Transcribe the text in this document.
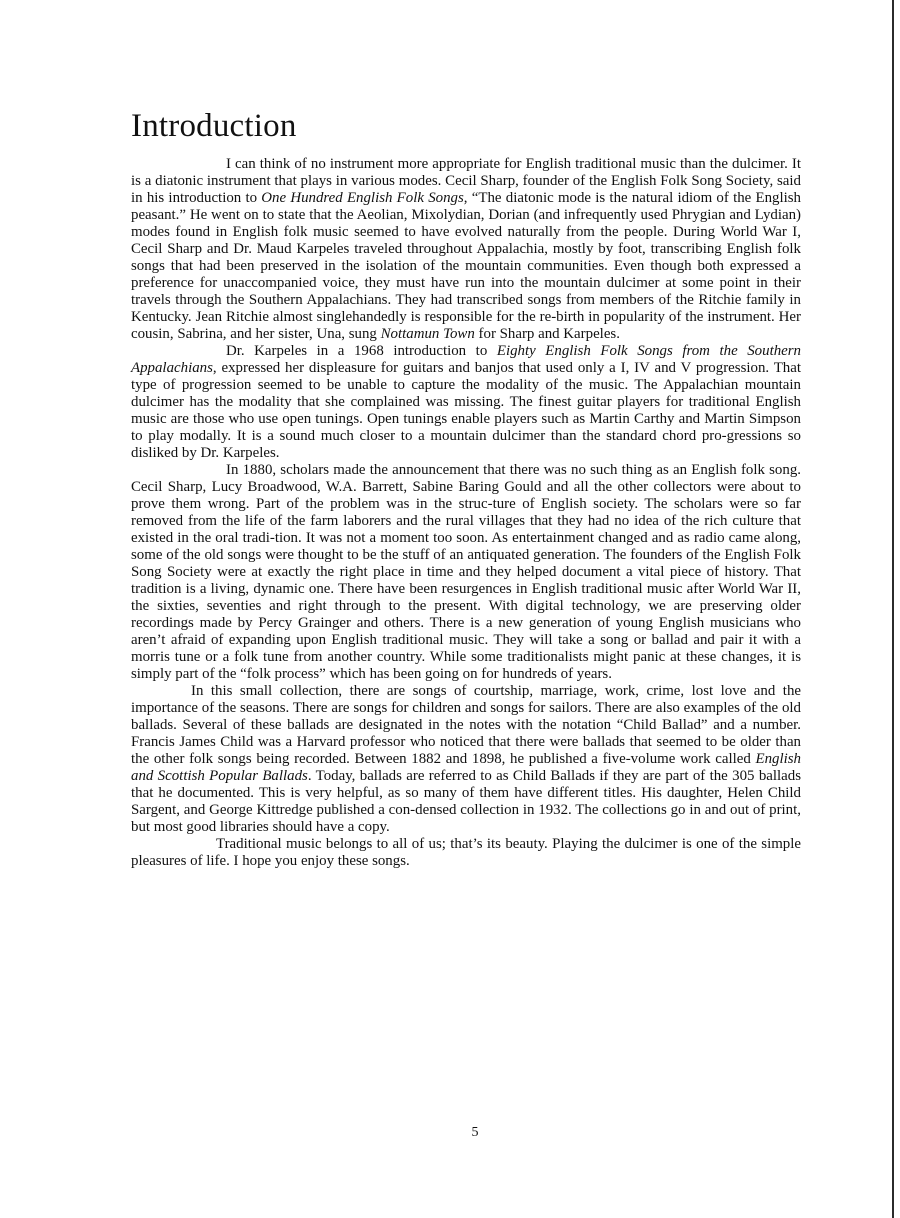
Introduction

I can think of no instrument more appropriate for English traditional music than the dulcimer. It is a diatonic instrument that plays in various modes. Cecil Sharp, founder of the English Folk Song Society, said in his introduction to One Hundred English Folk Songs, “The diatonic mode is the natural idiom of the English peasant.” He went on to state that the Aeolian, Mixolydian, Dorian (and infrequently used Phrygian and Lydian) modes found in English folk music seemed to have evolved naturally from the people. During World War I, Cecil Sharp and Dr. Maud Karpeles traveled throughout Appalachia, mostly by foot, transcribing English folk songs that had been preserved in the isolation of the mountain communities. Even though both expressed a preference for unaccompanied voice, they must have run into the mountain dulcimer at some point in their travels through the Southern Appalachians. They had transcribed songs from members of the Ritchie family in Kentucky. Jean Ritchie almost singlehandedly is responsible for the re-birth in popularity of the instrument. Her cousin, Sabrina, and her sister, Una, sung Nottamun Town for Sharp and Karpeles.

Dr. Karpeles in a 1968 introduction to Eighty English Folk Songs from the Southern Appalachians, expressed her displeasure for guitars and banjos that used only a I, IV and V progression. That type of progression seemed to be unable to capture the modality of the music. The Appalachian mountain dulcimer has the modality that she complained was missing. The finest guitar players for traditional English music are those who use open tunings. Open tunings enable players such as Martin Carthy and Martin Simpson to play modally. It is a sound much closer to a mountain dulcimer than the standard chord pro-gressions so disliked by Dr. Karpeles.

In 1880, scholars made the announcement that there was no such thing as an English folk song. Cecil Sharp, Lucy Broadwood, W.A. Barrett, Sabine Baring Gould and all the other collectors were about to prove them wrong. Part of the problem was in the struc-ture of English society. The scholars were so far removed from the life of the farm laborers and the rural villages that they had no idea of the rich culture that existed in the oral tradi-tion. It was not a moment too soon. As entertainment changed and as radio came along, some of the old songs were thought to be the stuff of an antiquated generation. The founders of the English Folk Song Society were at exactly the right place in time and they helped document a vital piece of history. That tradition is a living, dynamic one. There have been resurgences in English traditional music after World War II, the sixties, seventies and right through to the present. With digital technology, we are preserving older recordings made by Percy Grainger and others. There is a new generation of young English musicians who aren’t afraid of expanding upon English traditional music. They will take a song or ballad and pair it with a morris tune or a folk tune from another country. While some traditionalists might panic at these changes, it is simply part of the “folk process” which has been going on for hundreds of years.

In this small collection, there are songs of courtship, marriage, work, crime, lost love and the importance of the seasons. There are songs for children and songs for sailors. There are also examples of the old ballads. Several of these ballads are designated in the notes with the notation “Child Ballad” and a number. Francis James Child was a Harvard professor who noticed that there were ballads that seemed to be older than the other folk songs being recorded. Between 1882 and 1898, he published a five-volume work called English and Scottish Popular Ballads. Today, ballads are referred to as Child Ballads if they are part of the 305 ballads that he documented. This is very helpful, as so many of them have different titles. His daughter, Helen Child Sargent, and George Kittredge published a con-densed collection in 1932. The collections go in and out of print, but most good libraries should have a copy.

Traditional music belongs to all of us; that’s its beauty. Playing the dulcimer is one of the simple pleasures of life. I hope you enjoy these songs.

5
